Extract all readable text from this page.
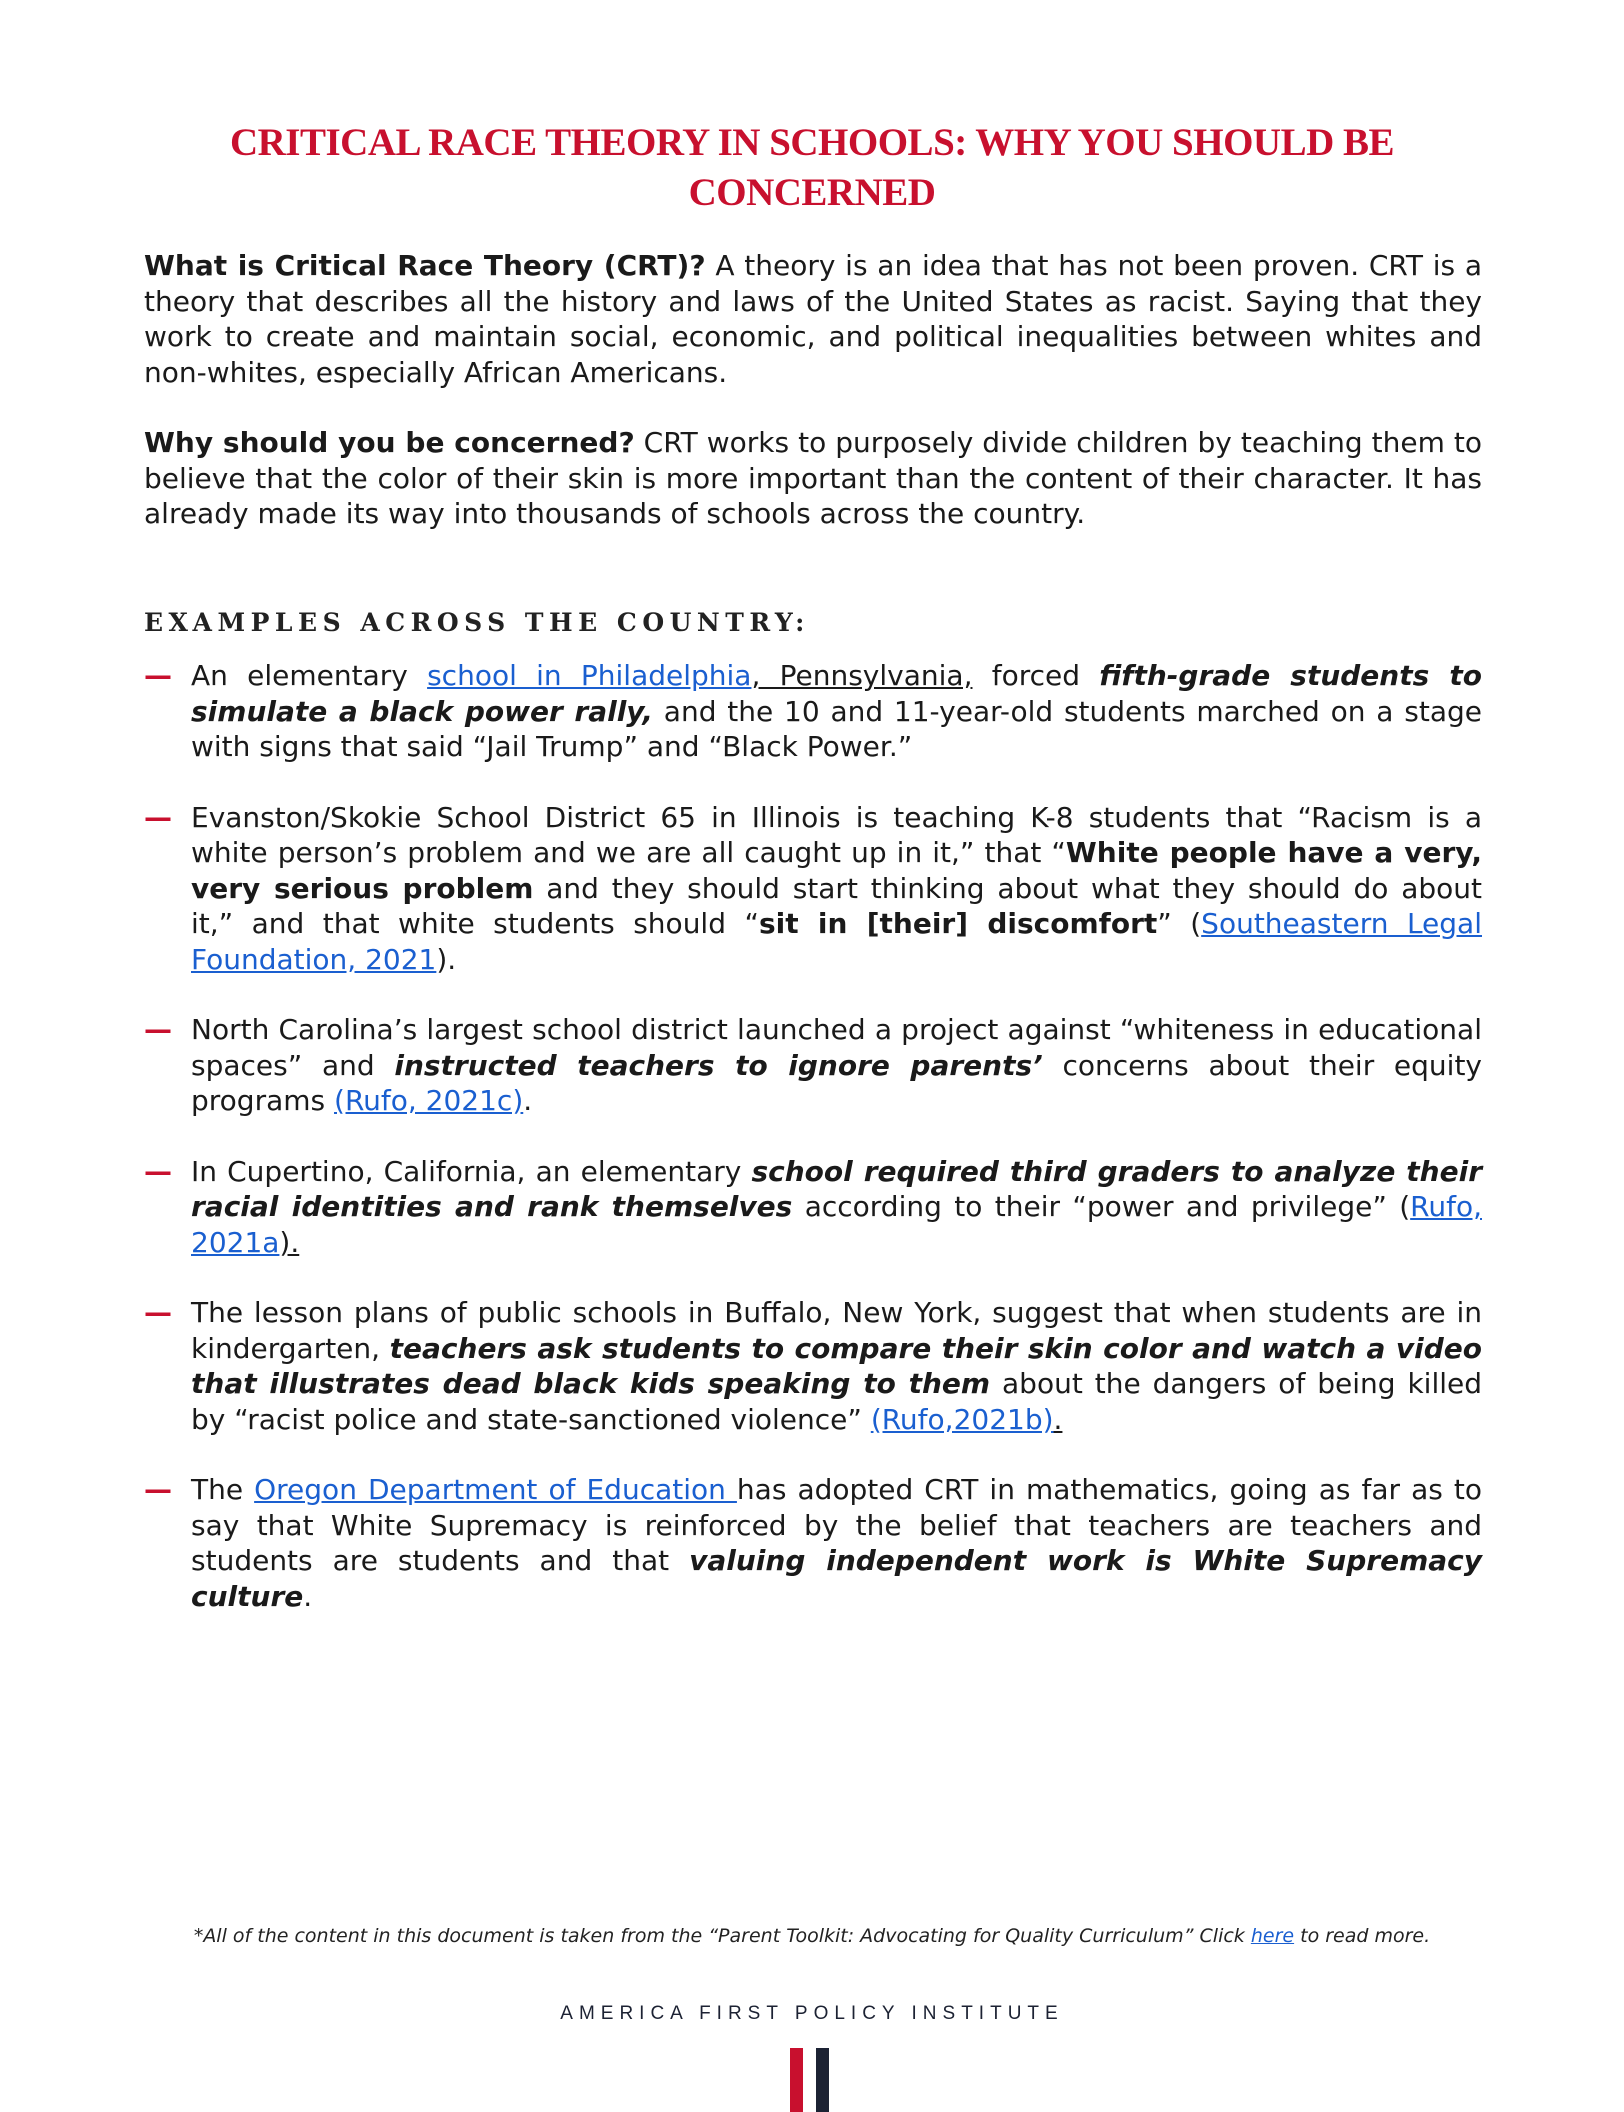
CRITICAL RACE THEORY IN SCHOOLS: WHY YOU SHOULD BE CONCERNED
What is Critical Race Theory (CRT)? A theory is an idea that has not been proven. CRT is a theory that describes all the history and laws of the United States as racist. Saying that they work to create and maintain social, economic, and political inequalities between whites and non-whites, especially African Americans.
Why should you be concerned? CRT works to purposely divide children by teaching them to believe that the color of their skin is more important than the content of their character. It has already made its way into thousands of schools across the country.
EXAMPLES ACROSS THE COUNTRY:
— An elementary school in Philadelphia, Pennsylvania, forced fifth-grade students to simulate a black power rally, and the 10 and 11-year-old students marched on a stage with signs that said “Jail Trump” and “Black Power.”
— Evanston/Skokie School District 65 in Illinois is teaching K-8 students that “Racism is a white person’s problem and we are all caught up in it,” that “White people have a very, very serious problem and they should start thinking about what they should do about it,” and that white students should “sit in [their] discomfort” (Southeastern Legal Foundation, 2021).
— North Carolina’s largest school district launched a project against “whiteness in educational spaces” and instructed teachers to ignore parents’ concerns about their equity programs (Rufo, 2021c).
— In Cupertino, California, an elementary school required third graders to analyze their racial identities and rank themselves according to their “power and privilege” (Rufo, 2021a).
— The lesson plans of public schools in Buffalo, New York, suggest that when students are in kindergarten, teachers ask students to compare their skin color and watch a video that illustrates dead black kids speaking to them about the dangers of being killed by “racist police and state-sanctioned violence” (Rufo,2021b).
— The Oregon Department of Education has adopted CRT in mathematics, going as far as to say that White Supremacy is reinforced by the belief that teachers are teachers and students are students and that valuing independent work is White Supremacy culture.
*All of the content in this document is taken from the “Parent Toolkit: Advocating for Quality Curriculum” Click here to read more.
AMERICA FIRST POLICY INSTITUTE
